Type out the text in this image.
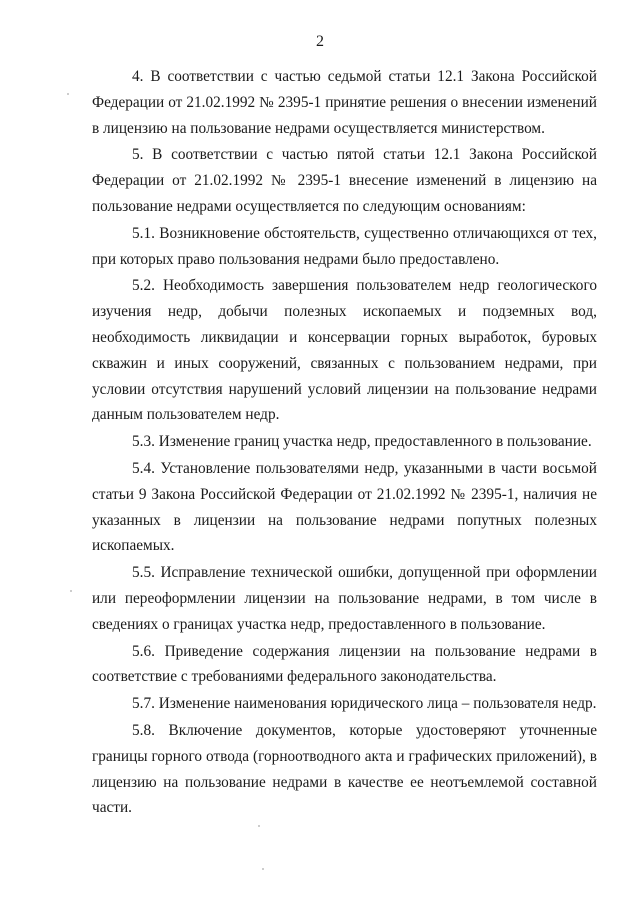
2

4. В соответствии с частью седьмой статьи 12.1 Закона Российской Федерации от 21.02.1992 № 2395-1 принятие решения о внесении изменений в лицензию на пользование недрами осуществляется министерством.

5. В соответствии с частью пятой статьи 12.1 Закона Российской Федерации от 21.02.1992 № 2395-1 внесение изменений в лицензию на пользование недрами осуществляется по следующим основаниям:

5.1. Возникновение обстоятельств, существенно отличающихся от тех, при которых право пользования недрами было предоставлено.

5.2. Необходимость завершения пользователем недр геологического изучения недр, добычи полезных ископаемых и подземных вод, необходимость ликвидации и консервации горных выработок, буровых скважин и иных сооружений, связанных с пользованием недрами, при условии отсутствия нарушений условий лицензии на пользование недрами данным пользователем недр.

5.3. Изменение границ участка недр, предоставленного в пользование.

5.4. Установление пользователями недр, указанными в части восьмой статьи 9 Закона Российской Федерации от 21.02.1992 № 2395-1, наличия не указанных в лицензии на пользование недрами попутных полезных ископаемых.

5.5. Исправление технической ошибки, допущенной при оформлении или переоформлении лицензии на пользование недрами, в том числе в сведениях о границах участка недр, предоставленного в пользование.

5.6. Приведение содержания лицензии на пользование недрами в соответствие с требованиями федерального законодательства.

5.7. Изменение наименования юридического лица – пользователя недр.

5.8. Включение документов, которые удостоверяют уточненные границы горного отвода (горноотводного акта и графических приложений), в лицензию на пользование недрами в качестве ее неотъемлемой составной части.
